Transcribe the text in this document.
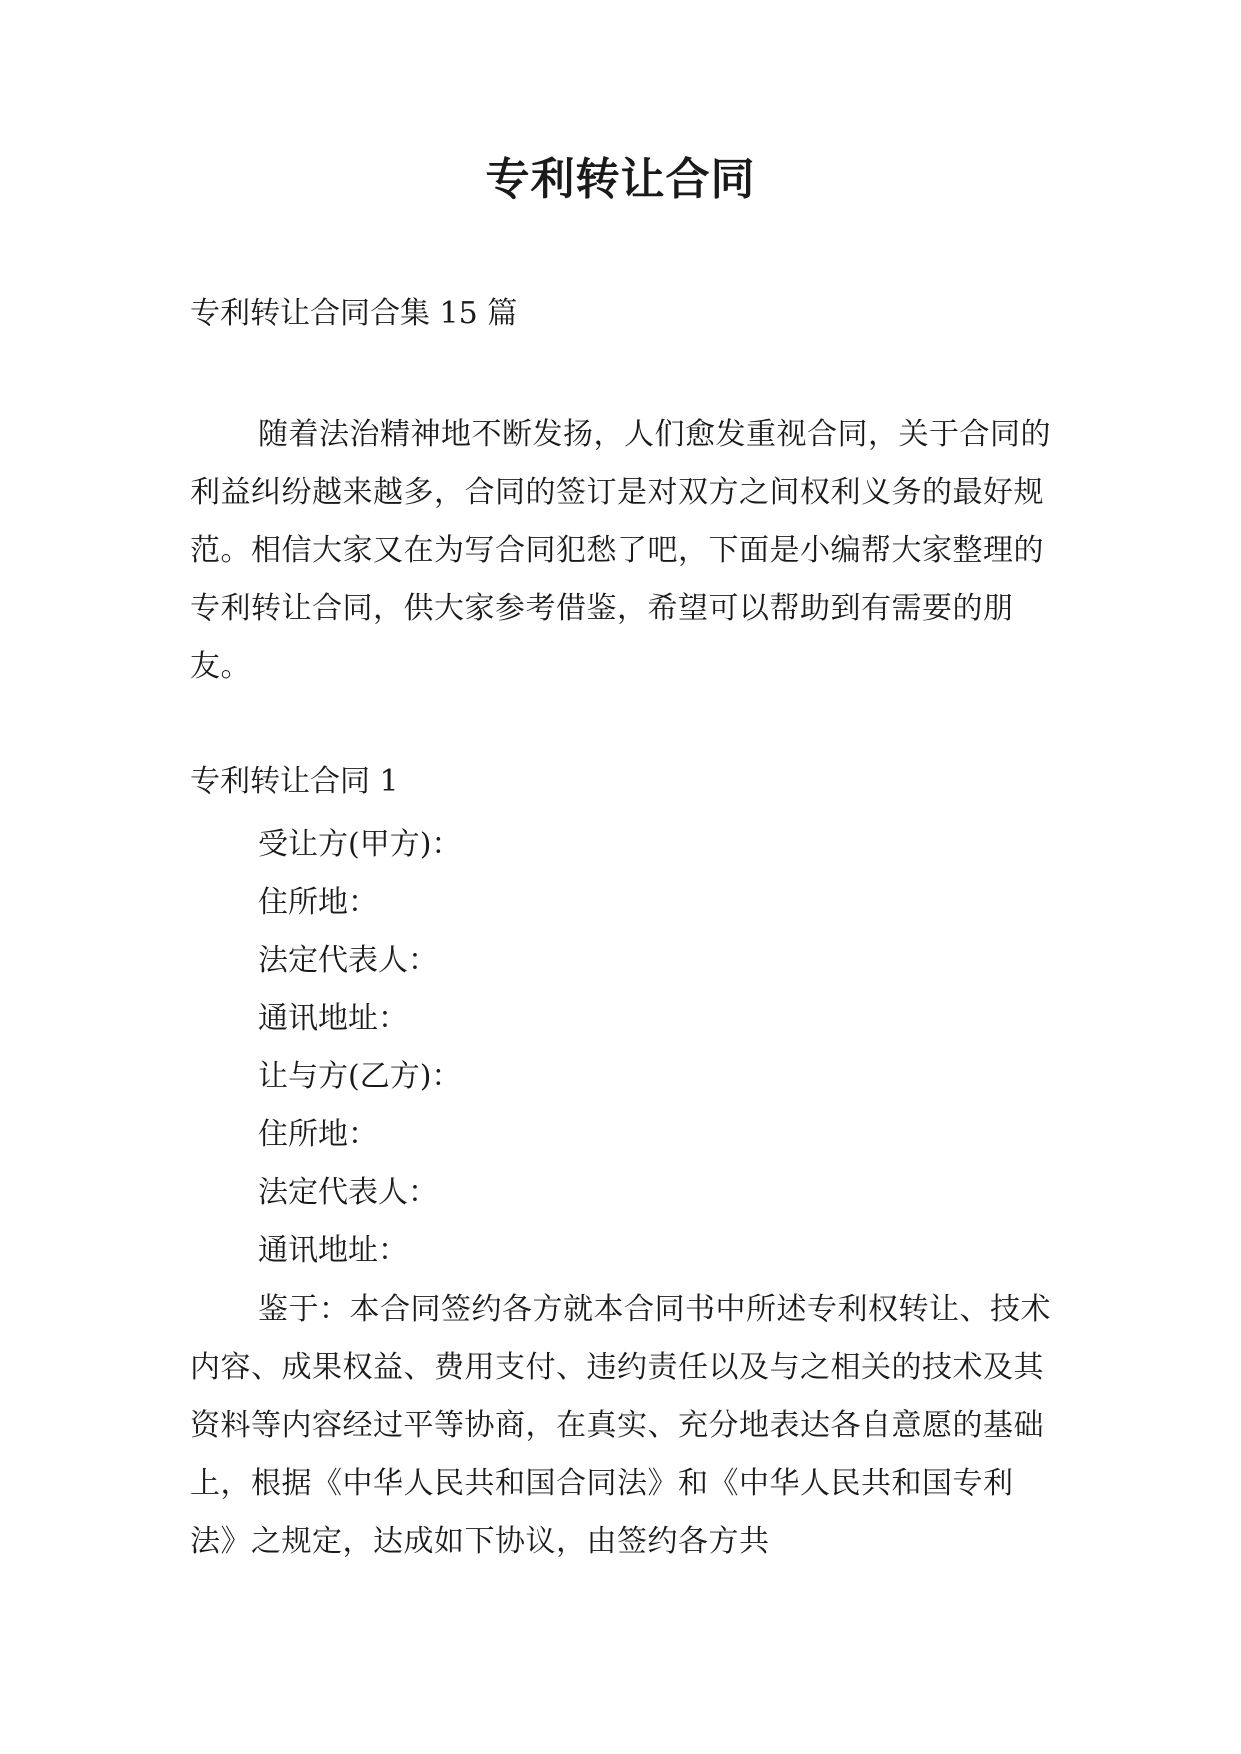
专利转让合同
专利转让合同合集 15 篇

随着法治精神地不断发扬，人们愈发重视合同，关于合同的利益纠纷越来越多，合同的签订是对双方之间权利义务的最好规范。相信大家又在为写合同犯愁了吧，下面是小编帮大家整理的专利转让合同，供大家参考借鉴，希望可以帮助到有需要的朋友。

专利转让合同 1
受让方(甲方)：
住所地：
法定代表人：
通讯地址：
让与方(乙方)：
住所地：
法定代表人：
通讯地址：

鉴于：本合同签约各方就本合同书中所述专利权转让、技术内容、成果权益、费用支付、违约责任以及与之相关的技术及其资料等内容经过平等协商，在真实、充分地表达各自意愿的基础上，根据《中华人民共和国合同法》和《中华人民共和国专利法》之规定，达成如下协议，由签约各方共
